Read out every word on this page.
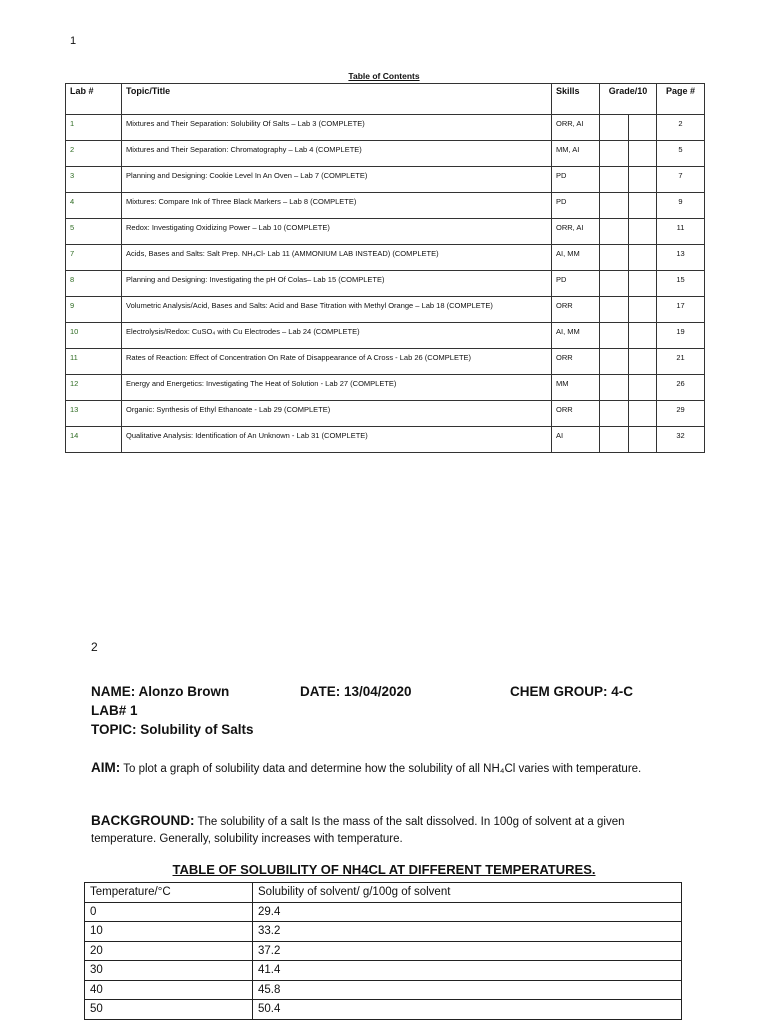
1
Table of Contents
Lab #	Topic/Title	Skills	Grade/10	Page #
1	Mixtures and Their Separation: Solubility Of Salts – Lab 3 (COMPLETE)	ORR, AI		2
2	Mixtures and Their Separation: Chromatography – Lab 4 (COMPLETE)	MM, AI		5
3	Planning and Designing: Cookie Level In An Oven – Lab 7 (COMPLETE)	PD		7
4	Mixtures: Compare Ink of Three Black Markers – Lab 8 (COMPLETE)	PD		9
5	Redox: Investigating Oxidizing Power – Lab 10 (COMPLETE)	ORR, AI		11
7	Acids, Bases and Salts: Salt Prep. NH₄Cl- Lab 11 (AMMONIUM LAB INSTEAD) (COMPLETE)	AI, MM		13
8	Planning and Designing: Investigating the pH Of Colas– Lab 15 (COMPLETE)	PD		15
9	Volumetric Analysis/Acid, Bases and Salts: Acid and Base Titration with Methyl Orange – Lab 18 (COMPLETE)	ORR		17
10	Electrolysis/Redox: CuSO₄ with Cu Electrodes – Lab 24 (COMPLETE)	AI, MM		19
11	Rates of Reaction: Effect of Concentration On Rate of Disappearance of A Cross - Lab 26 (COMPLETE)	ORR		21
12	Energy and Energetics: Investigating The Heat of Solution - Lab 27 (COMPLETE)	MM		26
13	Organic: Synthesis of Ethyl Ethanoate - Lab 29 (COMPLETE)	ORR		29
14	Qualitative Analysis: Identification of An Unknown - Lab 31 (COMPLETE)	AI		32
2
NAME: Alonzo Brown	DATE: 13/04/2020	CHEM GROUP: 4-C
LAB# 1
TOPIC: Solubility of Salts
AIM: To plot a graph of solubility data and determine how the solubility of all NH₄Cl varies with temperature.
BACKGROUND: The solubility of a salt Is the mass of the salt dissolved. In 100g of solvent at a given temperature. Generally, solubility increases with temperature.
TABLE OF SOLUBILITY OF NH4CL AT DIFFERENT TEMPERATURES.
Temperature/°C	Solubility of solvent/ g/100g of solvent
0	29.4
10	33.2
20	37.2
30	41.4
40	45.8
50	50.4
